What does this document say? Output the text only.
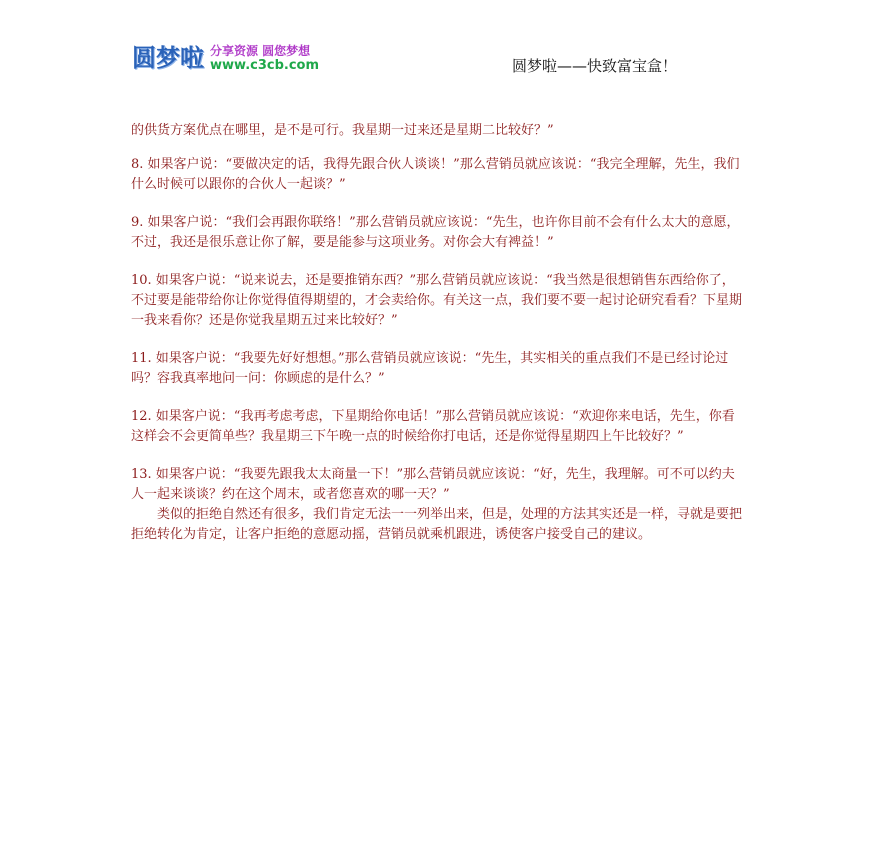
圆梦啦 分享资源 圆您梦想
www.c3cb.com	圆梦啦——快致富宝盒！

的供货方案优点在哪里，是不是可行。我星期一过来还是星期二比较好？”

8. 如果客户说：“要做决定的话，我得先跟合伙人谈谈！”那么营销员就应该说：“我完全理解，先生，我们什么时候可以跟你的合伙人一起谈？”

9. 如果客户说：“我们会再跟你联络！”那么营销员就应该说：“先生，也许你目前不会有什么太大的意愿，不过，我还是很乐意让你了解，要是能参与这项业务。对你会大有裨益！”

10. 如果客户说：“说来说去，还是要推销东西？”那么营销员就应该说：“我当然是很想销售东西给你了，不过要是能带给你让你觉得值得期望的，才会卖给你。有关这一点，我们要不要一起讨论研究看看？下星期一我来看你？还是你觉我星期五过来比较好？”

11. 如果客户说：“我要先好好想想。”那么营销员就应该说：“先生，其实相关的重点我们不是已经讨论过吗？容我真率地问一问：你顾虑的是什么？”

12. 如果客户说：“我再考虑考虑，下星期给你电话！”那么营销员就应该说：“欢迎你来电话，先生，你看这样会不会更简单些？我星期三下午晚一点的时候给你打电话，还是你觉得星期四上午比较好？”

13. 如果客户说：“我要先跟我太太商量一下！”那么营销员就应该说：“好，先生，我理解。可不可以约夫人一起来谈谈？约在这个周末，或者您喜欢的哪一天？”

类似的拒绝自然还有很多，我们肯定无法一一列举出来，但是，处理的方法其实还是一样，寻就是要把拒绝转化为肯定，让客户拒绝的意愿动摇，营销员就乘机跟进，诱使客户接受自己的建议。
